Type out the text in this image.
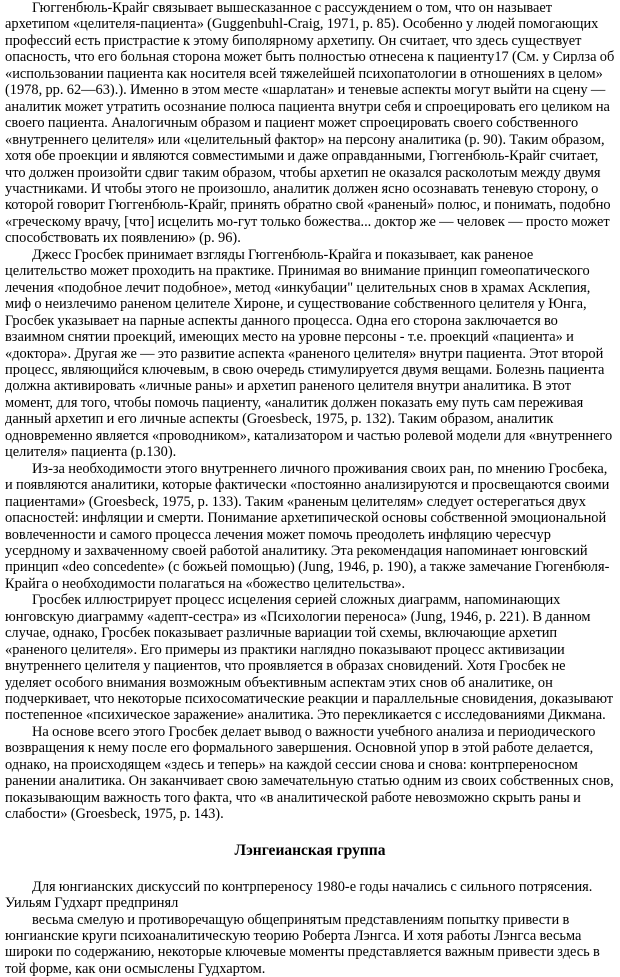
Гюггенбюль-Крайг связывает вышесказанное с рассуждением о том, что он называет архетипом «целителя-пациента» (Guggenbuhl-Craig, 1971, p. 85). Особенно у людей помогающих профессий есть пристрастие к этому биполярному архетипу. Он считает, что здесь существует опасность, что его больная сторона может быть полностью отнесена к пациенту17 (См. у Сирлза об «использовании пациента как носителя всей тяжелейшей психопатологии в отношениях в целом» (1978, pp. 62—63).). Именно в этом месте «шарлатан» и теневые аспекты могут выйти на сцену — аналитик может утратить осознание полюса пациента внутри себя и спроецировать его целиком на своего пациента. Аналогичным образом и пациент может спроецировать своего собственного «внутреннего целителя» или «целительный фактор» на персону аналитика (p. 90). Таким образом, хотя обе проекции и являются совместимыми и даже оправданными, Гюггенбюль-Крайг считает, что должен произойти сдвиг таким образом, чтобы архетип не оказался расколотым между двумя участниками. И чтобы этого не произошло, аналитик должен ясно осознавать теневую сторону, о которой говорит Гюггенбюль-Крайг, принять обратно свой «раненый» полюс, и понимать, подобно «греческому врачу, [что] исцелить мо-гут только божества... доктор же — человек — просто может способствовать их появлению» (p. 96).

Джесс Гросбек принимает взгляды Гюггенбюль-Крайга и показывает, как раненое целительство может проходить на практике. Принимая во внимание принцип гомеопатического лечения «подобное лечит подобное», метод «инкубации" целительных снов в храмах Асклепия, миф о неизлечимо раненом целителе Хироне, и существование собственного целителя у Юнга, Гросбек указывает на парные аспекты данного процесса. Одна его сторона заключается во взаимном снятии проекций, имеющих место на уровне персоны - т.е. проекций «пациента» и «доктора». Другая же — это развитие аспекта «раненого целителя» внутри пациента. Этот второй процесс, являющийся ключевым, в свою очередь стимулируется двумя вещами. Болезнь пациента должна активировать «личные раны» и архетип раненого целителя внутри аналитика. В этот момент, для того, чтобы помочь пациенту, «аналитик должен показать ему путь сам переживая данный архетип и его личные аспекты (Groesbeck, 1975, p. 132). Таким образом, аналитик одновременно является «проводником», катализатором и частью ролевой модели для «внутреннего целителя» пациента (p.130).

Из-за необходимости этого внутреннего личного проживания своих ран, по мнению Гросбека, и появляются аналитики, которые фактически «постоянно анализируются и просвещаются своими пациентами» (Groesbeck, 1975, p. 133). Таким «раненым целителям» следует остерегаться двух опасностей: инфляции и смерти. Понимание архетипической основы собственной эмоциональной вовлеченности и самого процесса лечения может помочь преодолеть инфляцию чересчур усердному и захваченному своей работой аналитику. Эта рекомендация напоминает юнговский принцип «deo concedente» (с божьей помощью) (Jung, 1946, p. 190), а также замечание Гюгенбюля-Крайга о необходимости полагаться на «божество целительства».

Гросбек иллюстрирует процесс исцеления серией сложных диаграмм, напоминающих юнговскую диаграмму «адепт-сестра» из «Психологии переноса» (Jung, 1946, p. 221). В данном случае, однако, Гросбек показывает различные вариации той схемы, включающие архетип «раненого целителя». Его примеры из практики наглядно показывают процесс активизации внутреннего целителя у пациентов, что проявляется в образах сновидений. Хотя Гросбек не уделяет особого внимания возможным объективным аспектам этих снов об аналитике, он подчеркивает, что некоторые психосоматические реакции и параллельные сновидения, доказывают постепенное «психическое заражение» аналитика. Это перекликается с исследованиями Дикмана.

На основе всего этого Гросбек делает вывод о важности учебного анализа и периодического возвращения к нему после его формального завершения. Основной упор в этой работе делается, однако, на происходящем «здесь и теперь» на каждой сессии снова и снова: контрпереносном ранении аналитика. Он заканчивает свою замечательную статью одним из своих собственных снов, показывающим важность того факта, что «в аналитической работе невозможно скрыть раны и слабости» (Groesbeck, 1975, p. 143).

Лэнгеианская группа

Для юнгианских дискуссий по контрпереносу 1980-е годы начались с сильного потрясения. Уильям Гудхарт предпринял

весьма смелую и противоречащую общепринятым представлениям попытку привести в юнгианские круги психоаналитическую теорию Роберта Лэнгса. И хотя работы Лэнгса весьма широки по содержанию, некоторые ключевые моменты представляется важным привести здесь в той форме, как они осмыслены Гудхартом.
